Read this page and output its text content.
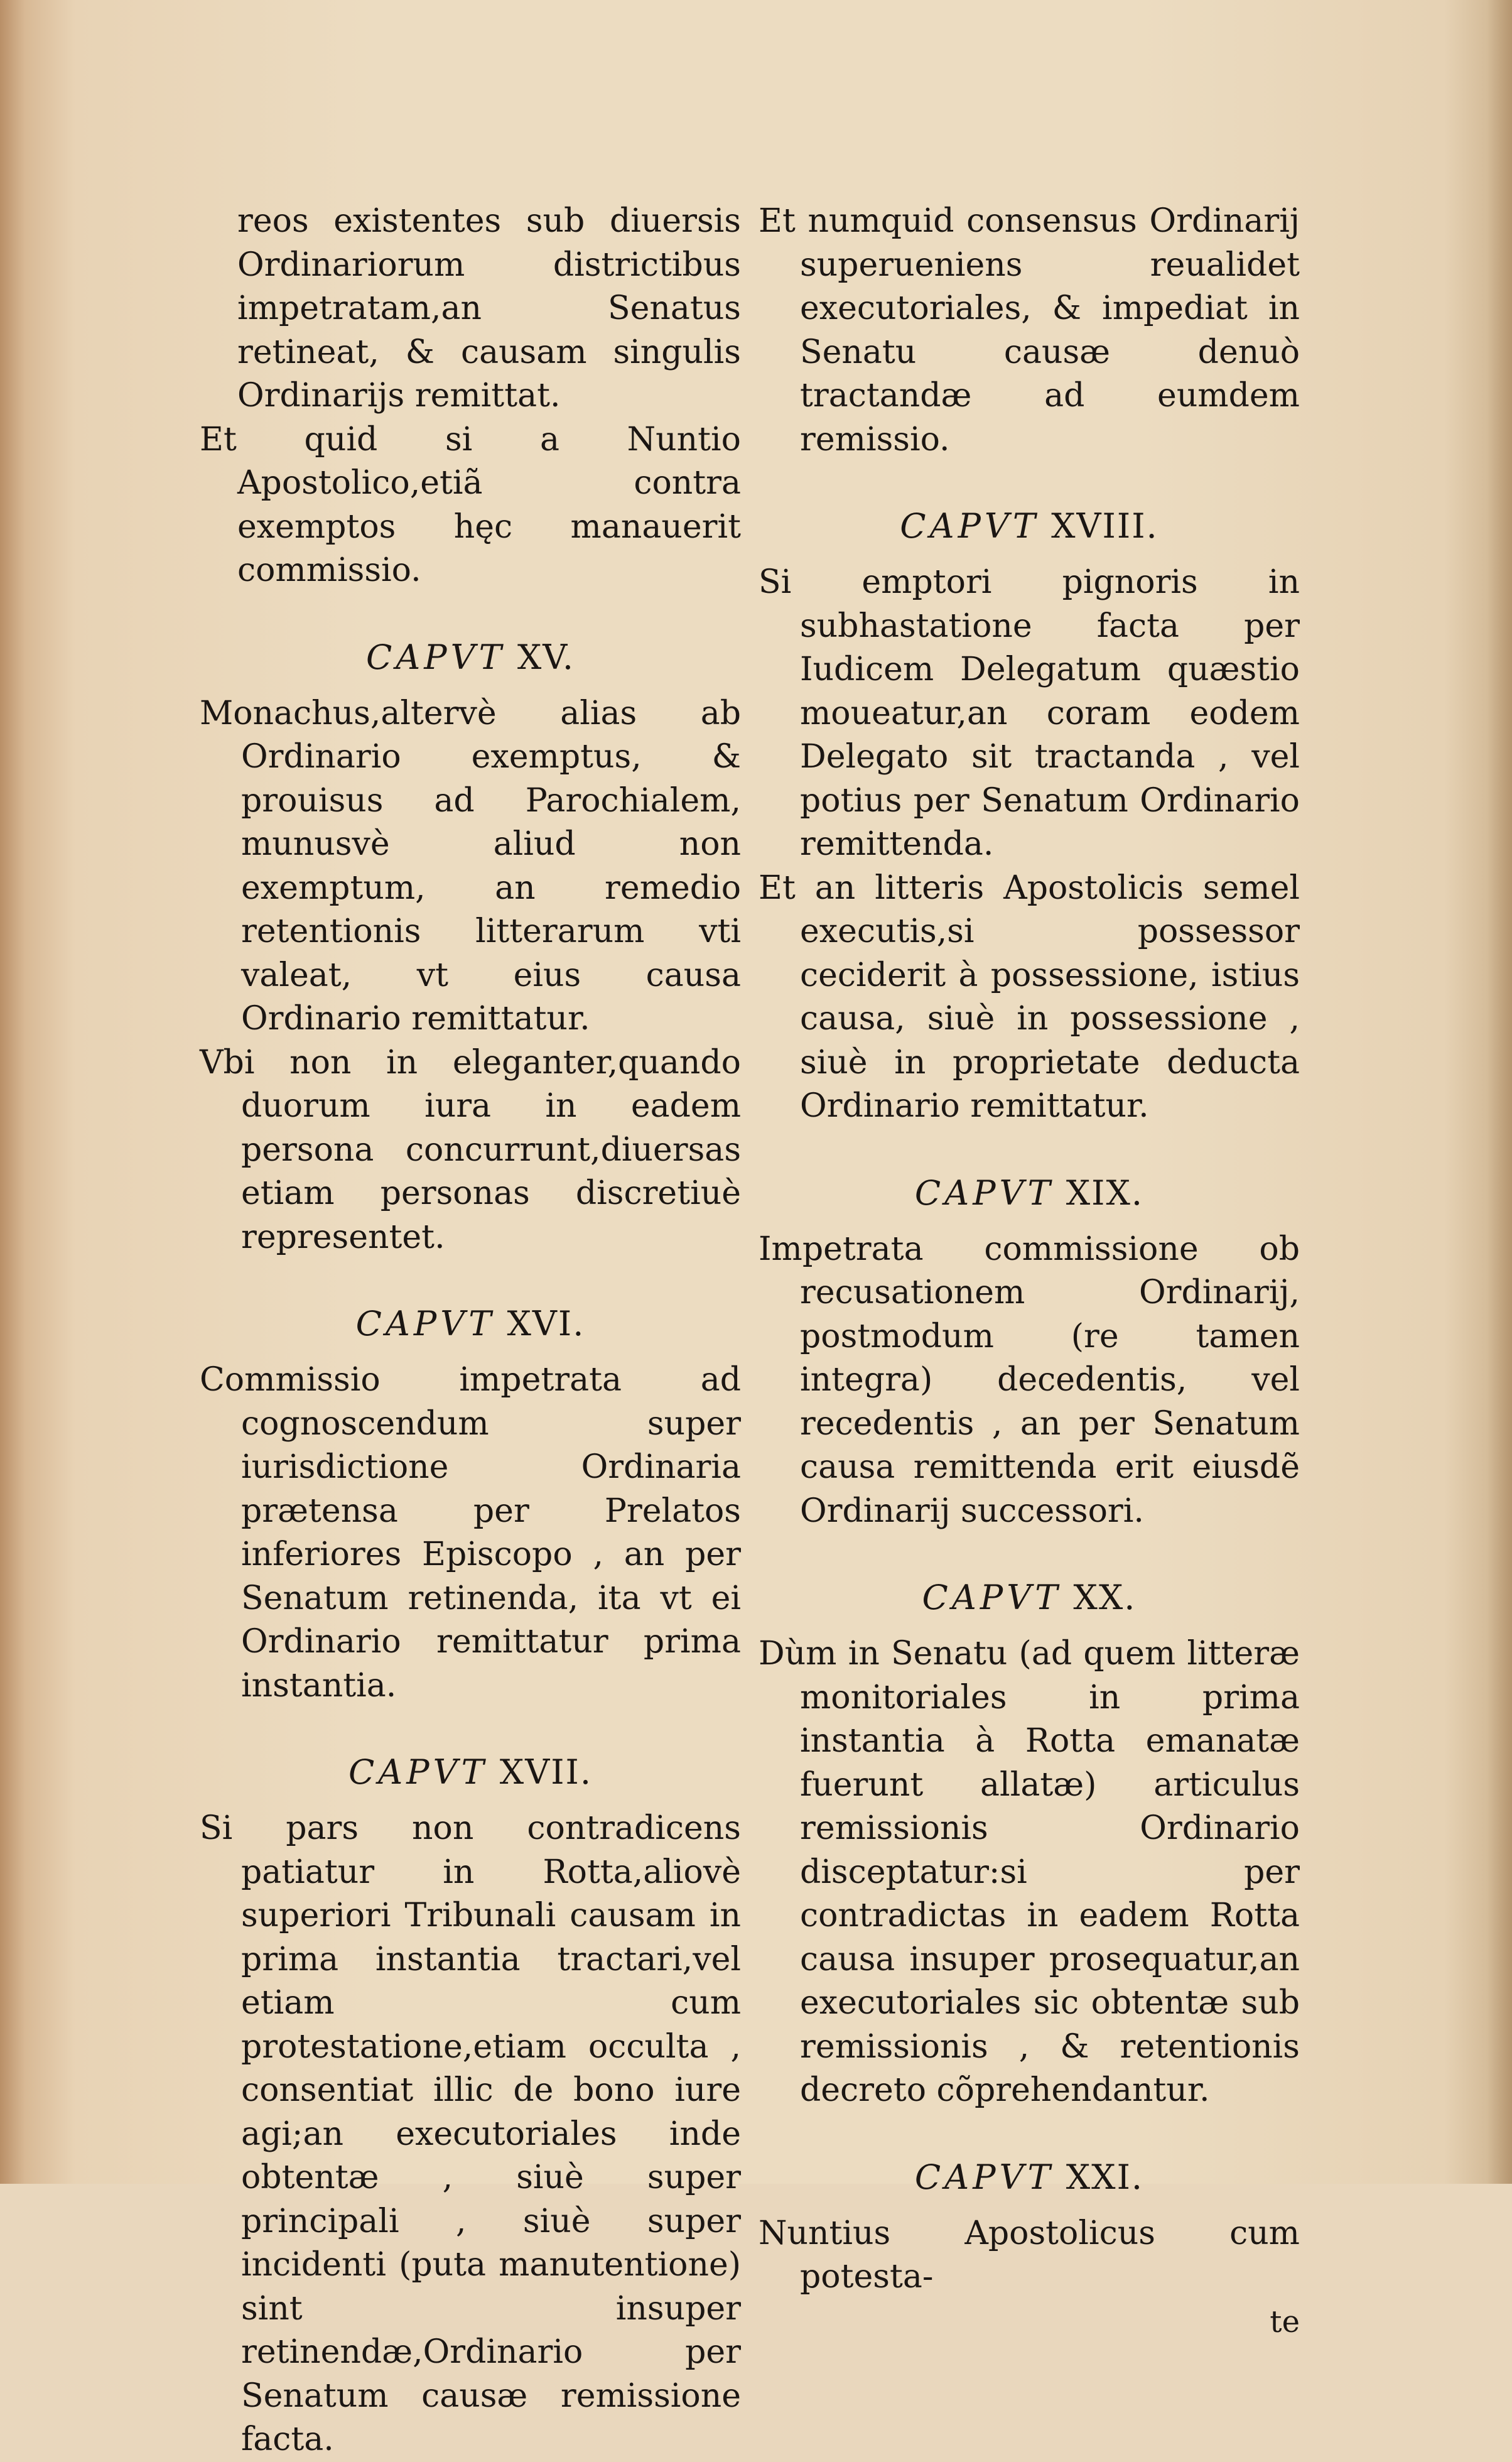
reos existentes sub diuersis Ordinariorum districtibus impetratam,an Senatus retineat, & causam singulis Ordinarijs remittat.

Et quid si a Nuntio Apostolico,etiã contra exemptos hęc manauerit commissio.

CAPVT XV.

Monachus,altervè alias ab Ordinario exemptus, & prouisus ad Parochialem, munusvè aliud non exemptum, an remedio retentionis litterarum vti valeat, vt eius causa Ordinario remittatur.

Vbi non in eleganter,quando duorum iura in eadem persona concurrunt,diuersas etiam personas discretiuè representet.

CAPVT XVI.

Commissio impetrata ad cognoscendum super iurisdictione Ordinaria prætensa per Prelatos inferiores Episcopo , an per Senatum retinenda, ita vt ei Ordinario remittatur prima instantia.

CAPVT XVII.

Si pars non contradicens patiatur in Rotta,aliovè superiori Tribunali causam in prima instantia tractari,vel etiam cum protestatione,etiam occulta , consentiat illic de bono iure agi;an executoriales inde obtentæ , siuè super principali , siuè super incidenti (puta manutentione) sint insuper retinendæ,Ordinario per Senatum causæ remissione facta.

Et numquid consensus Ordinarij superueniens reualidet executoriales, & impediat in Senatu causæ denuò tractandæ ad eumdem remissio.

CAPVT XVIII.

Si emptori pignoris in subhastatione facta per Iudicem Delegatum quæstio moueatur,an coram eodem Delegato sit tractanda , vel potius per Senatum Ordinario remittenda.

Et an litteris Apostolicis semel executis,si possessor ceciderit à possessione, istius causa, siuè in possessione , siuè in proprietate deducta Ordinario remittatur.

CAPVT XIX.

Impetrata commissione ob recusationem Ordinarij, postmodum (re tamen integra) decedentis, vel recedentis , an per Senatum causa remittenda erit eiusdẽ Ordinarij successori.

CAPVT XX.

Dùm in Senatu (ad quem litteræ monitoriales in prima instantia à Rotta emanatæ fuerunt allatæ) articulus remissionis Ordinario disceptatur:si per contradictas in eadem Rotta causa insuper prosequatur,an executoriales sic obtentæ sub remissionis , & retentionis decreto cõprehendantur.

CAPVT XXI.

Nuntius Apostolicus cum potesta-

te
